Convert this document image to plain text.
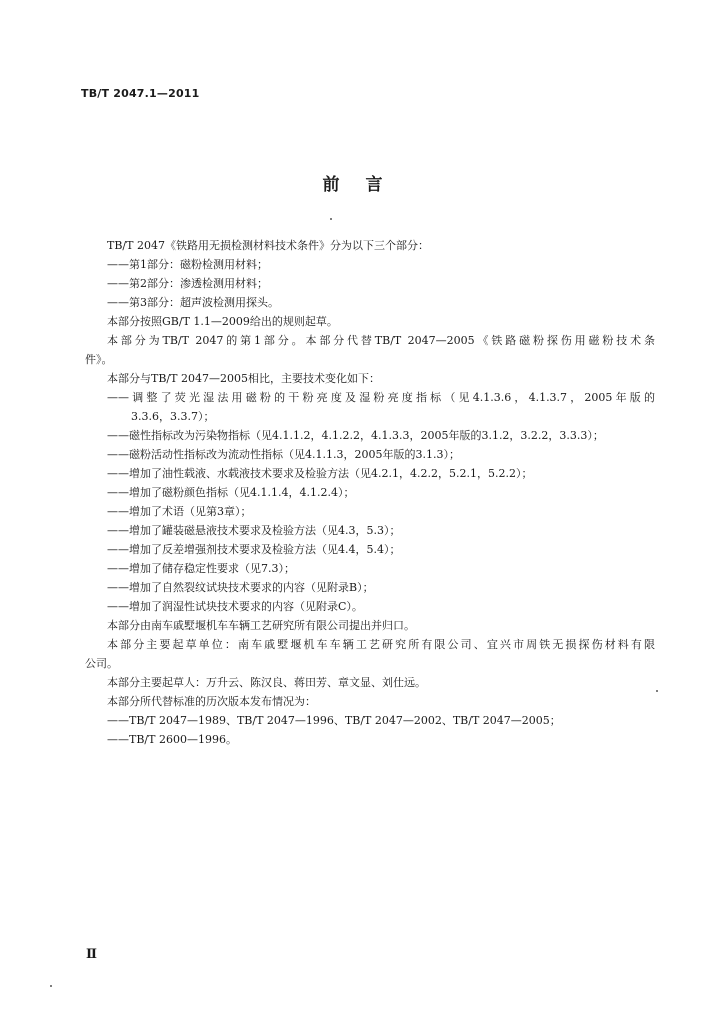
TB/T 2047.1—2011
前言
TB/T 2047《铁路用无损检测材料技术条件》分为以下三个部分：
——第1部分：磁粉检测用材料；
——第2部分：渗透检测用材料；
——第3部分：超声波检测用探头。
本部分按照GB/T 1.1—2009给出的规则起草。
本部分为TB/T 2047的第1部分。本部分代替TB/T 2047—2005《铁路磁粉探伤用磁粉技术条
件》。
本部分与TB/T 2047—2005相比，主要技术变化如下：
——调整了荧光湿法用磁粉的干粉亮度及湿粉亮度指标（见4.1.3.6，4.1.3.7，2005年版的
3.3.6，3.3.7）；
——磁性指标改为污染物指标（见4.1.1.2，4.1.2.2，4.1.3.3，2005年版的3.1.2，3.2.2，3.3.3）；
——磁粉活动性指标改为流动性指标（见4.1.1.3，2005年版的3.1.3）；
——增加了油性载液、水载液技术要求及检验方法（见4.2.1，4.2.2，5.2.1，5.2.2）；
——增加了磁粉颜色指标（见4.1.1.4，4.1.2.4）；
——增加了术语（见第3章）；
——增加了罐装磁悬液技术要求及检验方法（见4.3，5.3）；
——增加了反差增强剂技术要求及检验方法（见4.4，5.4）；
——增加了储存稳定性要求（见7.3）；
——增加了自然裂纹试块技术要求的内容（见附录B）；
——增加了润湿性试块技术要求的内容（见附录C）。
本部分由南车戚墅堰机车车辆工艺研究所有限公司提出并归口。
本部分主要起草单位：南车戚墅堰机车车辆工艺研究所有限公司、宜兴市周铁无损探伤材料有限
公司。
本部分主要起草人：万升云、陈汉良、蒋田芳、章文显、刘仕远。
本部分所代替标准的历次版本发布情况为：
——TB/T 2047—1989、TB/T 2047—1996、TB/T 2047—2002、TB/T 2047—2005；
——TB/T 2600—1996。
Ⅱ
